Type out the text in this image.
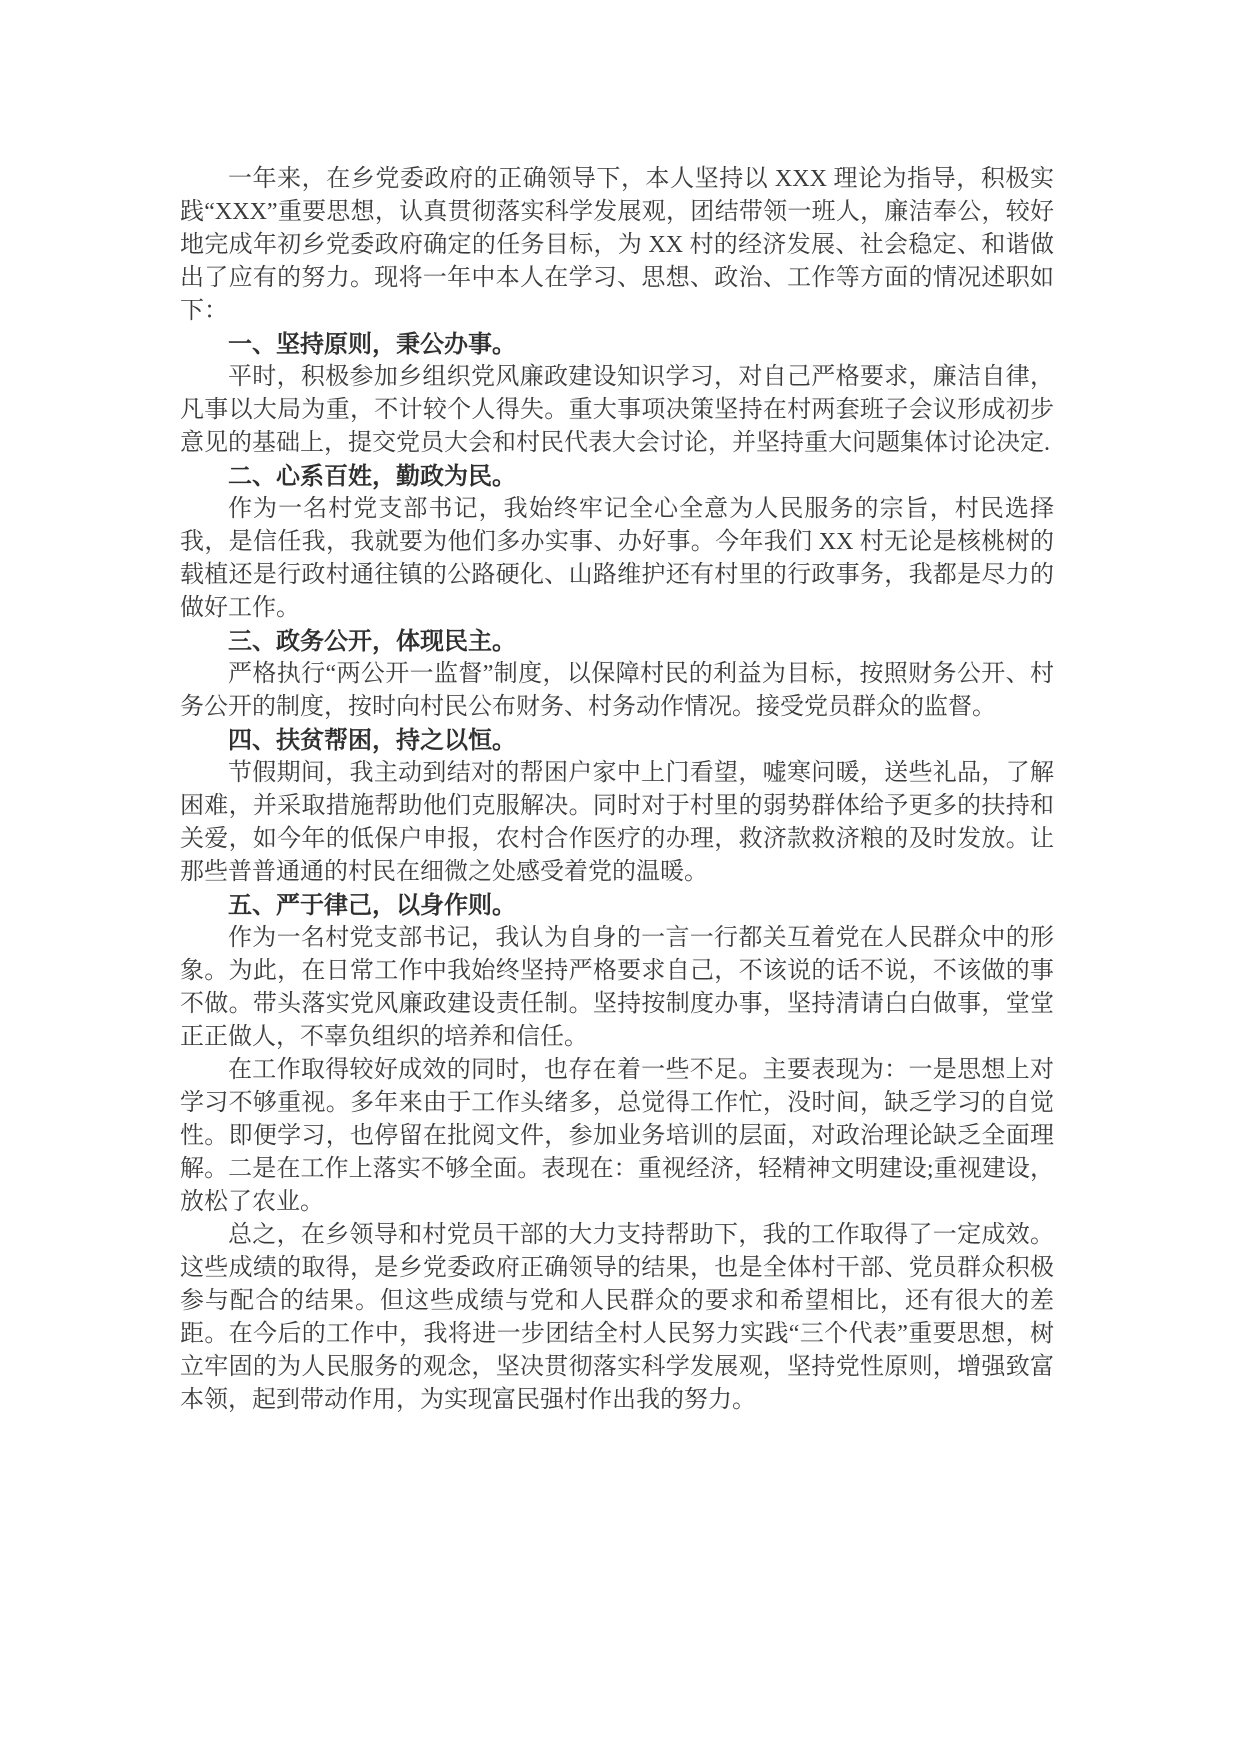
一年来，在乡党委政府的正确领导下，本人坚持以 XXX 理论为指导，积极实践“XXX”重要思想，认真贯彻落实科学发展观，团结带领一班人，廉洁奉公，较好地完成年初乡党委政府确定的任务目标，为 XX 村的经济发展、社会稳定、和谐做出了应有的努力。现将一年中本人在学习、思想、政治、工作等方面的情况述职如下：

一、坚持原则，秉公办事。

平时，积极参加乡组织党风廉政建设知识学习，对自己严格要求，廉洁自律，凡事以大局为重，不计较个人得失。重大事项决策坚持在村两套班子会议形成初步意见的基础上，提交党员大会和村民代表大会讨论，并坚持重大问题集体讨论决定.

二、心系百姓，勤政为民。

作为一名村党支部书记，我始终牢记全心全意为人民服务的宗旨，村民选择我，是信任我，我就要为他们多办实事、办好事。今年我们 XX 村无论是核桃树的载植还是行政村通往镇的公路硬化、山路维护还有村里的行政事务，我都是尽力的做好工作。

三、政务公开，体现民主。

严格执行“两公开一监督”制度，以保障村民的利益为目标，按照财务公开、村务公开的制度，按时向村民公布财务、村务动作情况。接受党员群众的监督。

四、扶贫帮困，持之以恒。

节假期间，我主动到结对的帮困户家中上门看望，嘘寒问暖，送些礼品，了解困难，并采取措施帮助他们克服解决。同时对于村里的弱势群体给予更多的扶持和关爱，如今年的低保户申报，农村合作医疗的办理，救济款救济粮的及时发放。让那些普普通通的村民在细微之处感受着党的温暖。

五、严于律己，以身作则。

作为一名村党支部书记，我认为自身的一言一行都关互着党在人民群众中的形象。为此，在日常工作中我始终坚持严格要求自己，不该说的话不说，不该做的事不做。带头落实党风廉政建设责任制。坚持按制度办事，坚持清请白白做事，堂堂正正做人，不辜负组织的培养和信任。

在工作取得较好成效的同时，也存在着一些不足。主要表现为：一是思想上对学习不够重视。多年来由于工作头绪多，总觉得工作忙，没时间，缺乏学习的自觉性。即便学习，也停留在批阅文件，参加业务培训的层面，对政治理论缺乏全面理解。二是在工作上落实不够全面。表现在：重视经济，轻精神文明建设;重视建设，放松了农业。

总之，在乡领导和村党员干部的大力支持帮助下，我的工作取得了一定成效。这些成绩的取得，是乡党委政府正确领导的结果，也是全体村干部、党员群众积极参与配合的结果。但这些成绩与党和人民群众的要求和希望相比，还有很大的差距。在今后的工作中，我将进一步团结全村人民努力实践“三个代表”重要思想，树立牢固的为人民服务的观念，坚决贯彻落实科学发展观，坚持党性原则，增强致富本领，起到带动作用，为实现富民强村作出我的努力。
